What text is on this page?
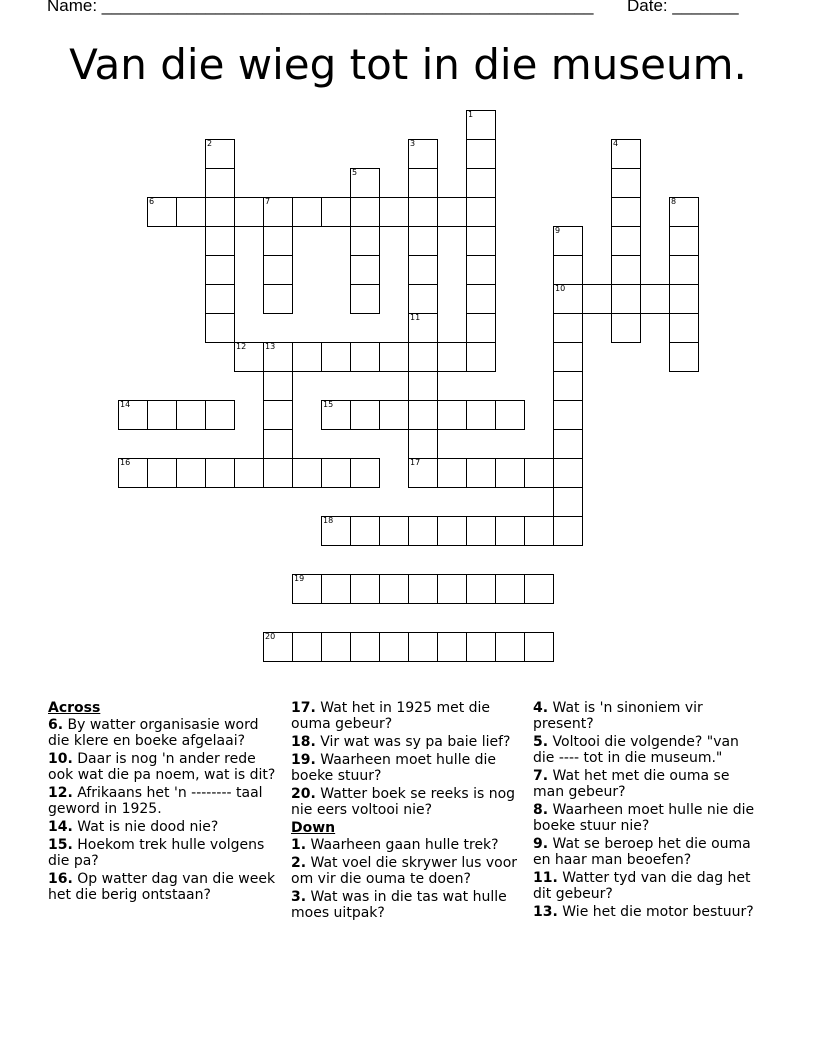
Name: ____________________________________________________ Date: _______
Van die wieg tot in die museum.
1
2	3	4
5
6	7	8
9
10
11
17
12 13
14	15
16
18
19
20
Across
6. By watter organisasie word die klere en boeke afgelaai?
10. Daar is nog 'n ander rede ook wat die pa noem, wat is dit?
12. Afrikaans het 'n -------- taal geword in 1925.
14. Wat is nie dood nie?
15. Hoekom trek hulle volgens die pa?
16. Op watter dag van die week het die berig ontstaan?
17. Wat het in 1925 met die ouma gebeur?
18. Vir wat was sy pa baie lief?
19. Waarheen moet hulle die boeke stuur?
20. Watter boek se reeks is nog nie eers voltooi nie?
Down
1. Waarheen gaan hulle trek?
2. Wat voel die skrywer lus voor om vir die ouma te doen?
3. Wat was in die tas wat hulle moes uitpak?
4. Wat is 'n sinoniem vir present?
5. Voltooi die volgende? "van die ---- tot in die museum."
7. Wat het met die ouma se man gebeur?
8. Waarheen moet hulle nie die boeke stuur nie?
9. Wat se beroep het die ouma en haar man beoefen?
11. Watter tyd van die dag het dit gebeur?
13. Wie het die motor bestuur?
